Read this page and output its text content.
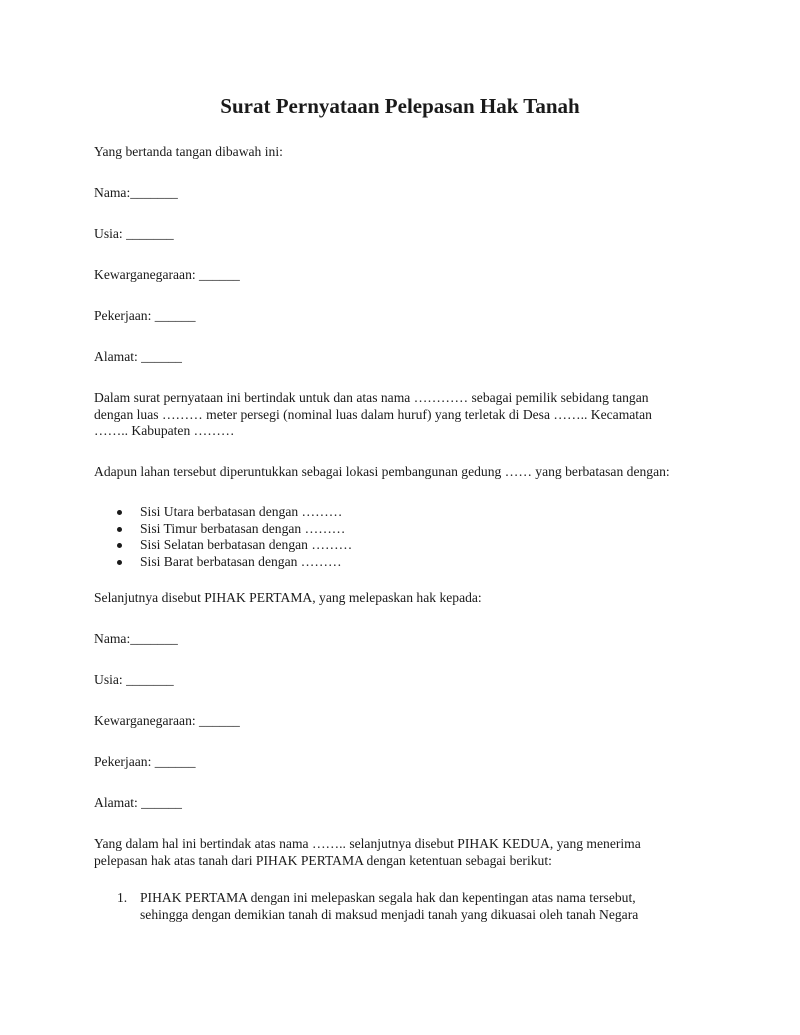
Surat Pernyataan Pelepasan Hak Tanah

Yang bertanda tangan dibawah ini:

Nama:_______

Usia: _______

Kewarganegaraan: ______

Pekerjaan: ______

Alamat: ______

Dalam surat pernyataan ini bertindak untuk dan atas nama ………… sebagai pemilik sebidang tangan
dengan luas ……… meter persegi (nominal luas dalam huruf) yang terletak di Desa …….. Kecamatan
…….. Kabupaten ………

Adapun lahan tersebut diperuntukkan sebagai lokasi pembangunan gedung …… yang berbatasan dengan:

Sisi Utara berbatasan dengan ………
Sisi Timur berbatasan dengan ………
Sisi Selatan berbatasan dengan ………
Sisi Barat berbatasan dengan ………

Selanjutnya disebut PIHAK PERTAMA, yang melepaskan hak kepada:

Nama:_______

Usia: _______

Kewarganegaraan: ______

Pekerjaan: ______

Alamat: ______

Yang dalam hal ini bertindak atas nama …….. selanjutnya disebut PIHAK KEDUA, yang menerima
pelepasan hak atas tanah dari PIHAK PERTAMA dengan ketentuan sebagai berikut:

1. PIHAK PERTAMA dengan ini melepaskan segala hak dan kepentingan atas nama tersebut,
sehingga dengan demikian tanah di maksud menjadi tanah yang dikuasai oleh tanah Negara
